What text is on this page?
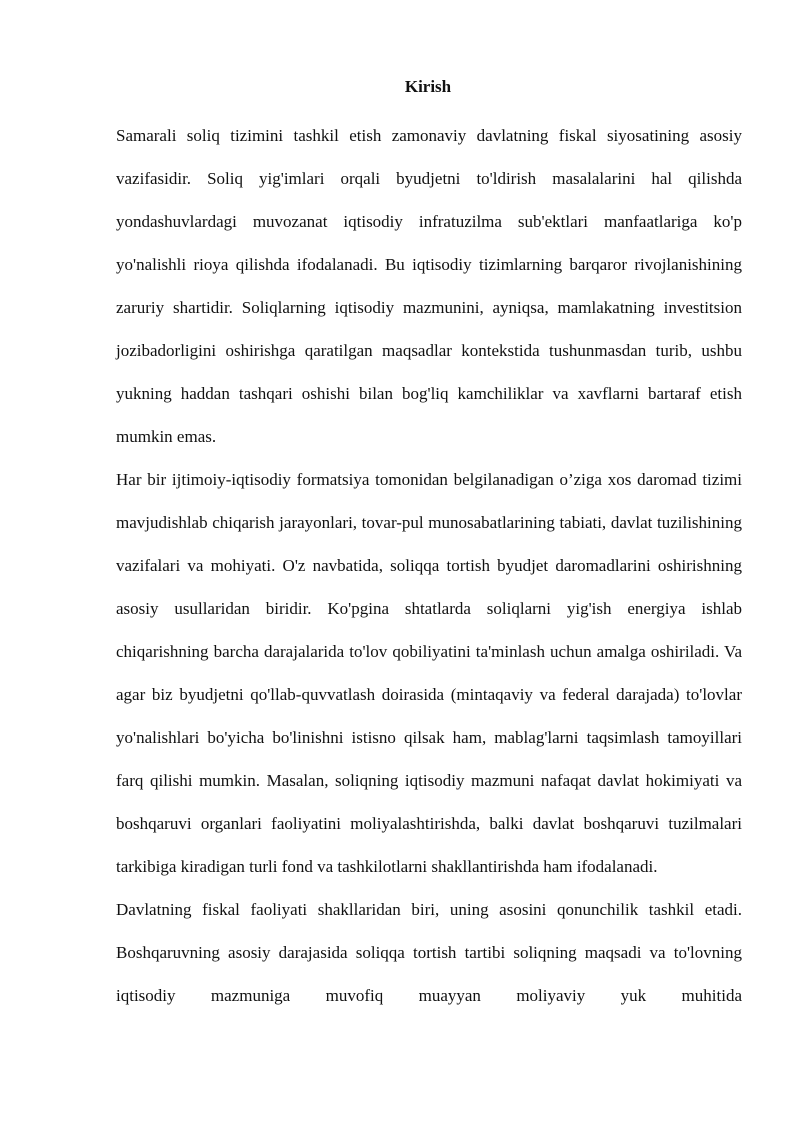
Kirish

Samarali soliq tizimini tashkil etish zamonaviy davlatning fiskal siyosatining asosiy vazifasidir. Soliq yig'imlari orqali byudjetni to'ldirish masalalarini hal qilishda yondashuvlardagi muvozanat iqtisodiy infratuzilma sub'ektlari manfaatlariga ko'p yo'nalishli rioya qilishda ifodalanadi. Bu iqtisodiy tizimlarning barqaror rivojlanishining zaruriy shartidir. Soliqlarning iqtisodiy mazmunini, ayniqsa, mamlakatning investitsion jozibadorligini oshirishga qaratilgan maqsadlar kontekstida tushunmasdan turib, ushbu yukning haddan tashqari oshishi bilan bog'liq kamchiliklar va xavflarni bartaraf etish mumkin emas.

Har bir ijtimoiy-iqtisodiy formatsiya tomonidan belgilanadigan o’ziga xos daromad tizimi mavjudishlab chiqarish jarayonlari, tovar-pul munosabatlarining tabiati, davlat tuzilishining vazifalari va mohiyati. O'z navbatida, soliqqa tortish byudjet daromadlarini oshirishning asosiy usullaridan biridir. Ko'pgina shtatlarda soliqlarni yig'ish energiya ishlab chiqarishning barcha darajalarida to'lov qobiliyatini ta'minlash uchun amalga oshiriladi. Va agar biz byudjetni qo'llab-quvvatlash doirasida (mintaqaviy va federal darajada) to'lovlar yo'nalishlari bo'yicha bo'linishni istisno qilsak ham, mablag'larni taqsimlash tamoyillari farq qilishi mumkin. Masalan, soliqning iqtisodiy mazmuni nafaqat davlat hokimiyati va boshqaruvi organlari faoliyatini moliyalashtirishda, balki davlat boshqaruvi tuzilmalari tarkibiga kiradigan turli fond va tashkilotlarni shakllantirishda ham ifodalanadi.

Davlatning fiskal faoliyati shakllaridan biri, uning asosini qonunchilik tashkil etadi. Boshqaruvning asosiy darajasida soliqqa tortish tartibi soliqning maqsadi va to'lovning iqtisodiy mazmuniga muvofiq muayyan moliyaviy yuk muhitida
